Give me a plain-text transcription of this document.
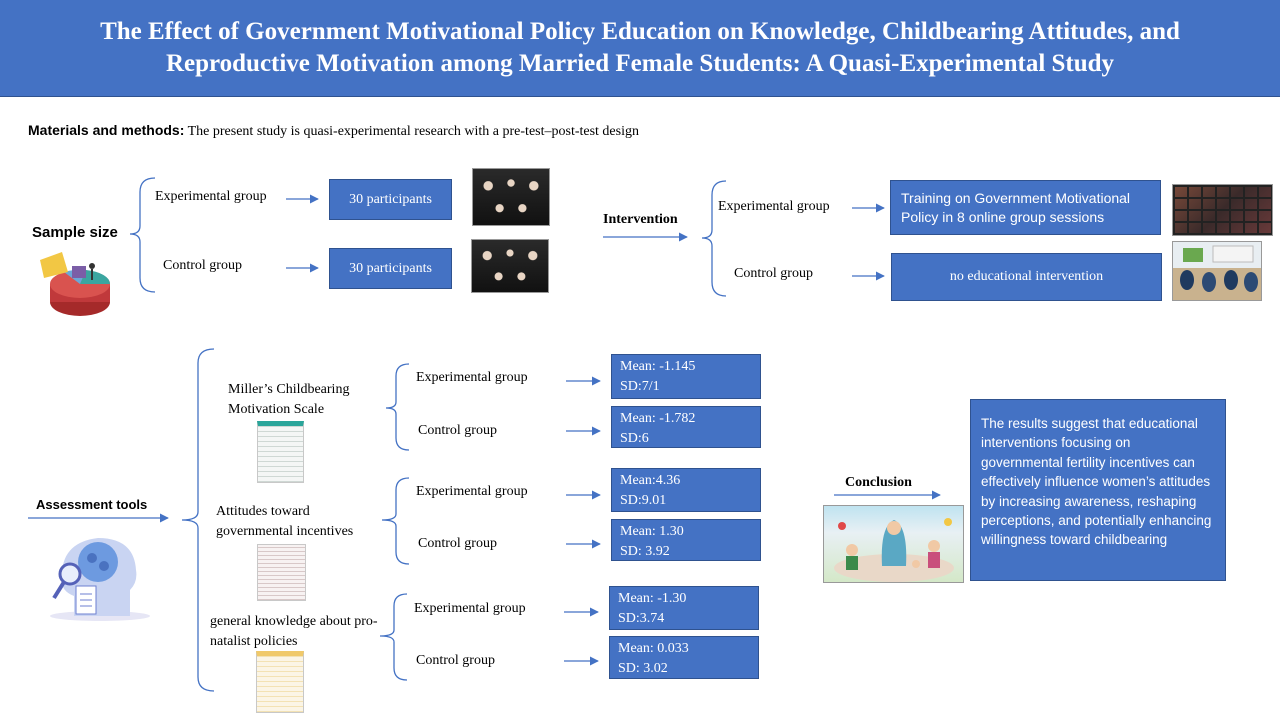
The Effect of Government Motivational Policy Education on Knowledge, Childbearing Attitudes, and Reproductive Motivation among Married Female Students: A Quasi-Experimental Study
Materials and methods: The present study is quasi-experimental research with a pre-test–post-test design
Sample size
Experimental group
Control group
30 participants
30 participants
Intervention
Experimental group
Control group
Training on Government Motivational Policy in 8 online group sessions
no educational intervention
Assessment tools
Miller’s Childbearing Motivation Scale
Experimental group
Control group
Mean: -1.145
SD:7/1
Mean: -1.782
SD:6
Attitudes toward governmental incentives
Experimental group
Control group
Mean:4.36
SD:9.01
Mean: 1.30
SD: 3.92
general knowledge about pro-natalist policies
Experimental group
Control group
Mean: -1.30
SD:3.74
Mean: 0.033
SD: 3.02
Conclusion
The results suggest that educational interventions focusing on governmental fertility incentives can effectively influence women’s attitudes by increasing awareness, reshaping perceptions, and potentially enhancing willingness toward childbearing
